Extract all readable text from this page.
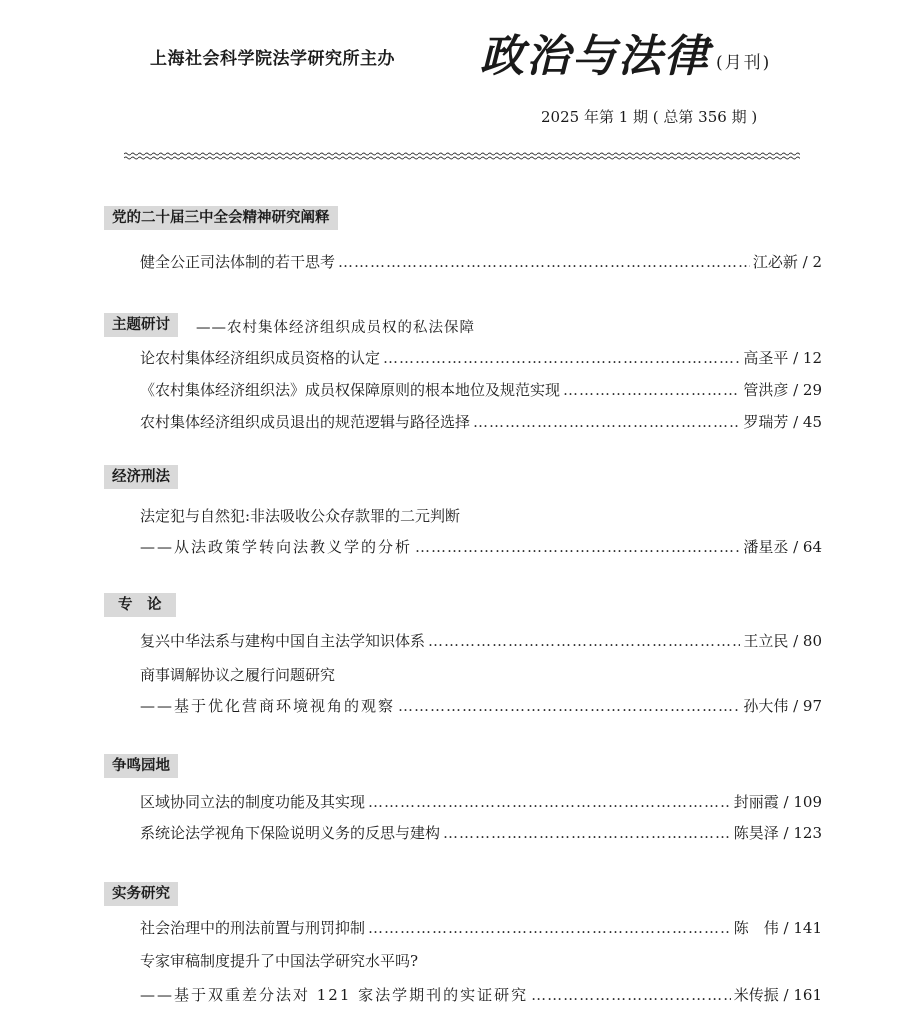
上海社会科学院法学研究所主办 政治与法律 (月刊)
2025 年第 1 期 ( 总第 356 期 )
党的二十届三中全会精神研究阐释
健全公正司法体制的若干思考 ………………………………………………………………………………………………………………………………………………	江必新 / 2
主题研讨	——农村集体经济组织成员权的私法保障
论农村集体经济组织成员资格的认定 ………………………………………………………………………………………………………………………………………………	高圣平 / 12
《农村集体经济组织法》成员权保障原则的根本地位及规范实现 ………………………………………………………………………………………………………………………………………………	管洪彦 / 29
农村集体经济组织成员退出的规范逻辑与路径选择 ………………………………………………………………………………………………………………………………………………	罗瑞芳 / 45
经济刑法
法定犯与自然犯:非法吸收公众存款罪的二元判断
——从法政策学转向法教义学的分析 ………………………………………………………………………………………………………………………………………………	潘星丞 / 64
专　论
复兴中华法系与建构中国自主法学知识体系 ………………………………………………………………………………………………………………………………………………	王立民 / 80
商事调解协议之履行问题研究
——基于优化营商环境视角的观察 ………………………………………………………………………………………………………………………………………………	孙大伟 / 97
争鸣园地
区域协同立法的制度功能及其实现 ………………………………………………………………………………………………………………………………………………	封丽霞 / 109
系统论法学视角下保险说明义务的反思与建构 ………………………………………………………………………………………………………………………………………………	陈昊泽 / 123
实务研究
社会治理中的刑法前置与刑罚抑制 ………………………………………………………………………………………………………………………………………………	陈　伟 / 141
专家审稿制度提升了中国法学研究水平吗?
——基于双重差分法对 121 家法学期刊的实证研究 ………………………………………………………………………………………………………………………………………………	米传振 / 161
